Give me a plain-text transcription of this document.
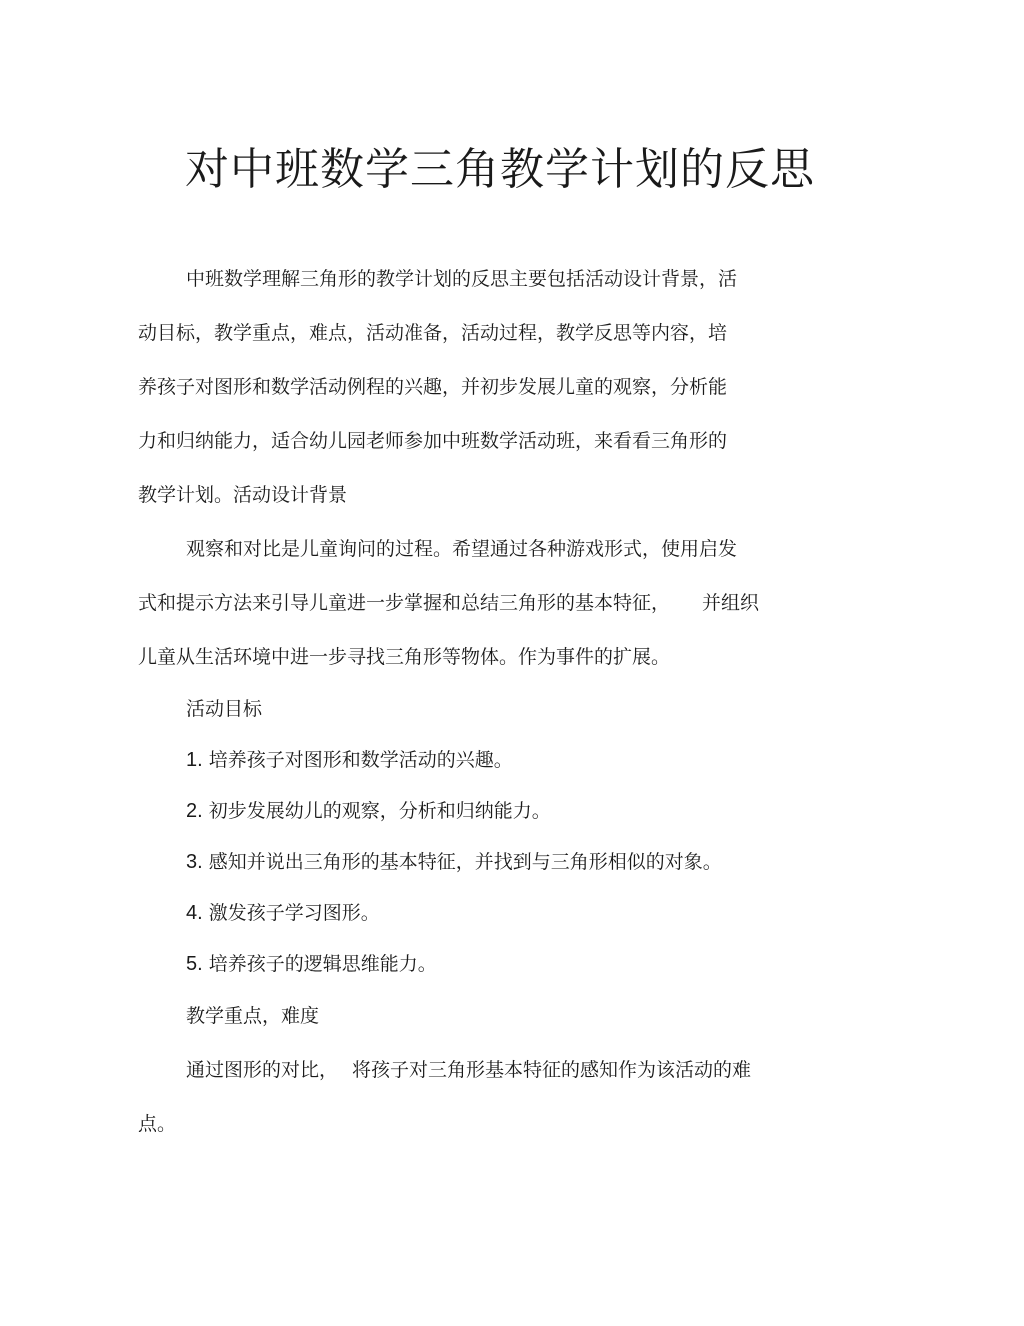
对中班数学三角教学计划的反思

中班数学理解三角形的教学计划的反思主要包括活动设计背景，活

动目标，教学重点，难点，活动准备，活动过程，教学反思等内容，培

养孩子对图形和数学活动例程的兴趣，并初步发展儿童的观察，分析能

力和归纳能力，适合幼儿园老师参加中班数学活动班，来看看三角形的

教学计划。活动设计背景

观察和对比是儿童询问的过程。希望通过各种游戏形式，使用启发

式和提示方法来引导儿童进一步掌握和总结三角形的基本特征， 并组织

儿童从生活环境中进一步寻找三角形等物体。作为事件的扩展。

活动目标

1. 培养孩子对图形和数学活动的兴趣。

2. 初步发展幼儿的观察，分析和归纳能力。

3. 感知并说出三角形的基本特征，并找到与三角形相似的对象。

4. 激发孩子学习图形。

5. 培养孩子的逻辑思维能力。

教学重点，难度

通过图形的对比， 将孩子对三角形基本特征的感知作为该活动的难

点。
